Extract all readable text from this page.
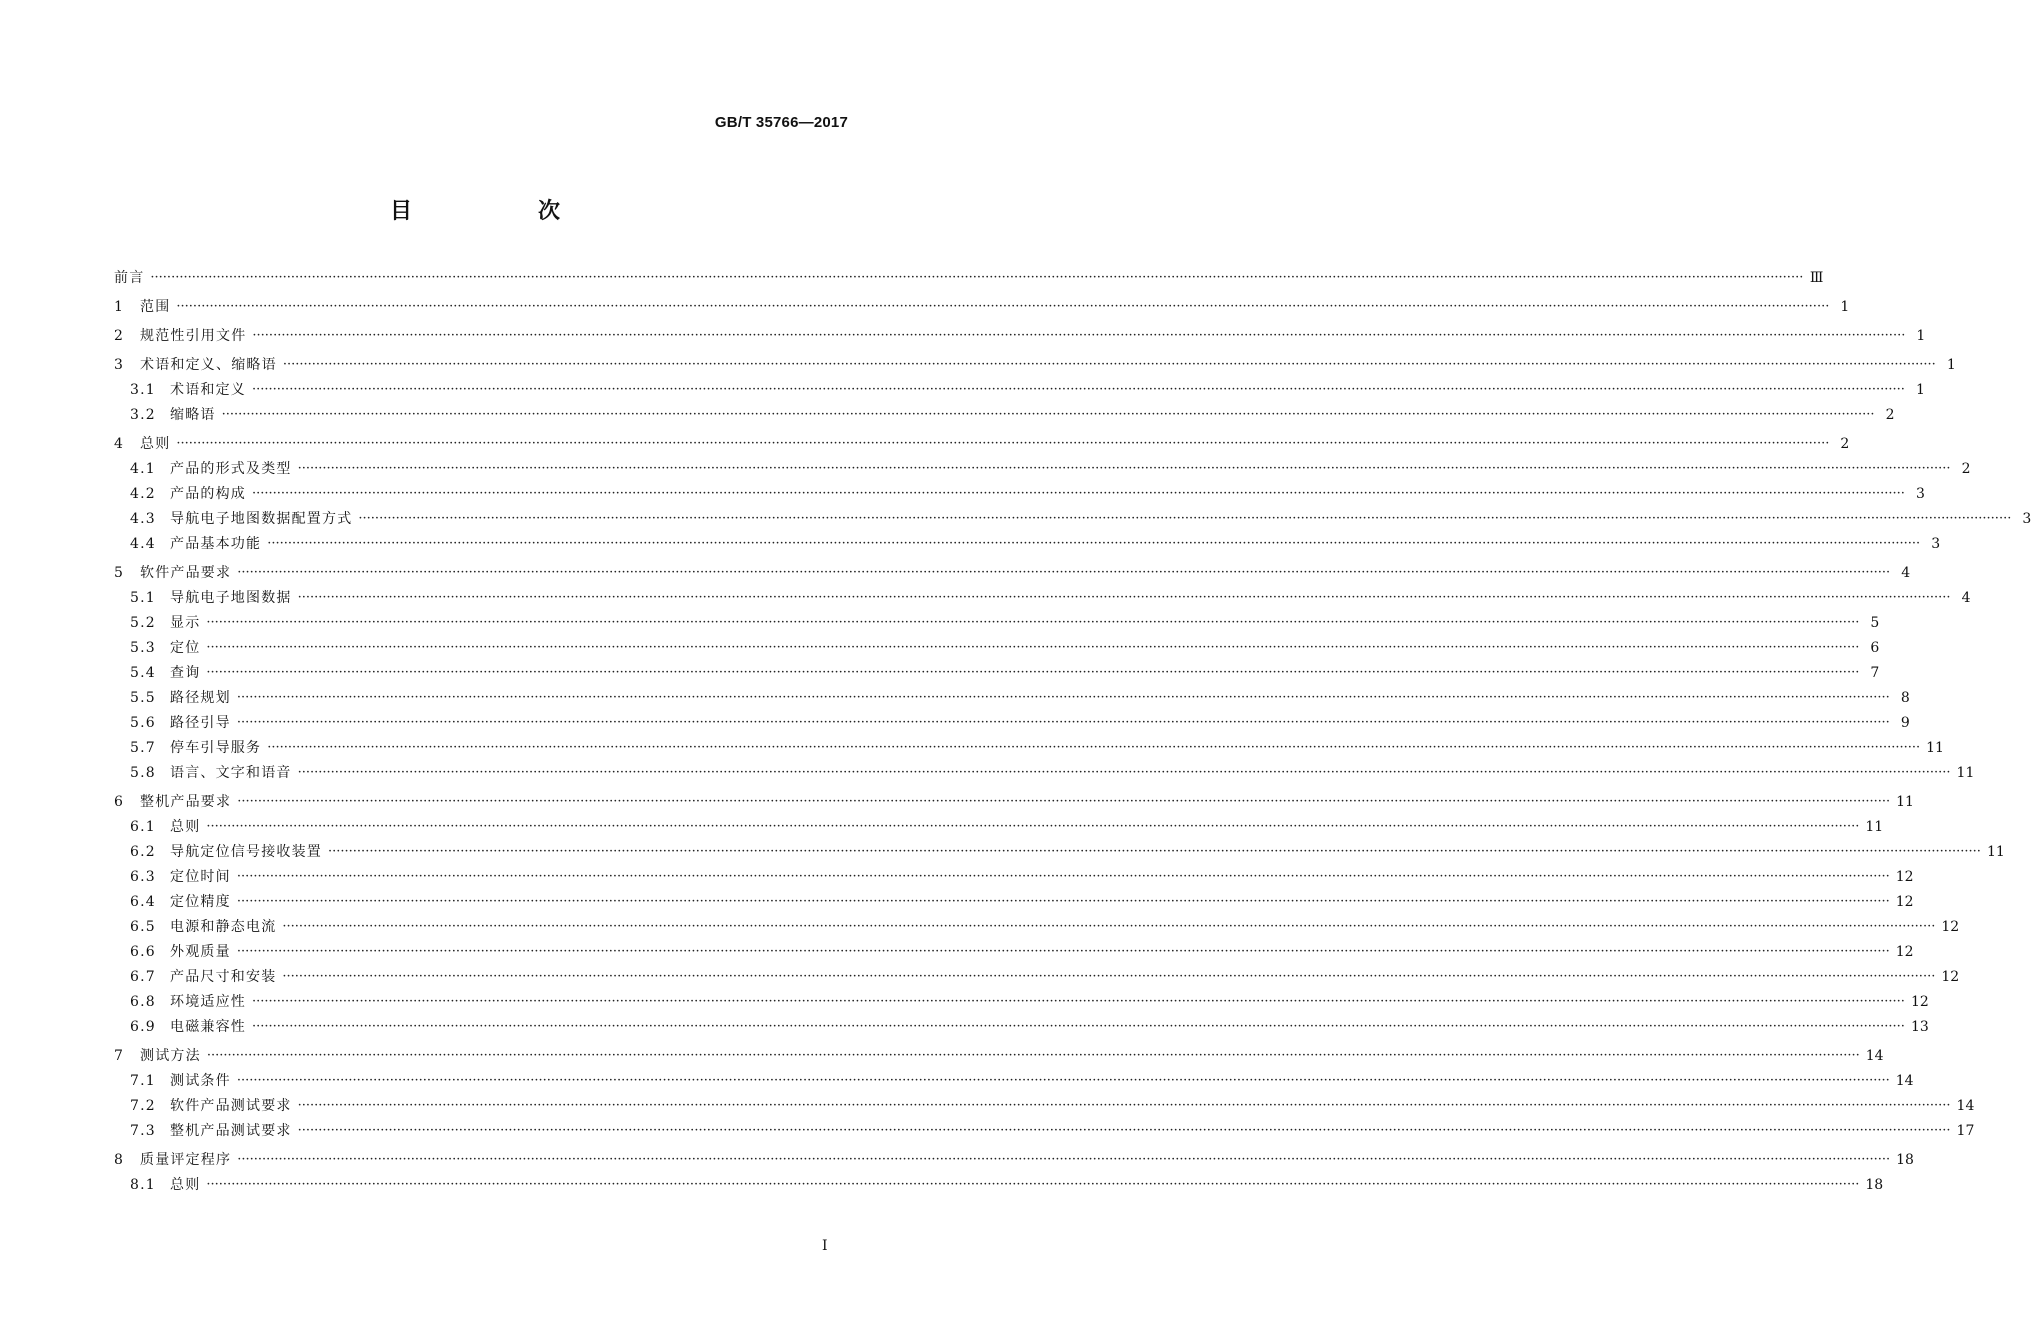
GB/T 35766—2017
目　次
前言 ················································································································································································································································································································································································································ Ⅲ
1	范围 ················································································································································································································································································································································································································ 1
2	规范性引用文件 ················································································································································································································································································································································································································ 1
3	术语和定义、缩略语 ················································································································································································································································································································································································································ 1
3.1	术语和定义 ················································································································································································································································································································································································································ 1
3.2	缩略语 ················································································································································································································································································································································································································ 2
4	总则 ················································································································································································································································································································································································································ 2
4.1	产品的形式及类型 ················································································································································································································································································································································································································ 2
4.2	产品的构成 ················································································································································································································································································································································································································ 3
4.3	导航电子地图数据配置方式 ················································································································································································································································································································································································································ 3
4.4	产品基本功能 ················································································································································································································································································································································································································ 3
5	软件产品要求 ················································································································································································································································································································································································································ 4
5.1	导航电子地图数据 ················································································································································································································································································································································································································ 4
5.2	显示 ················································································································································································································································································································································································································ 5
5.3	定位 ················································································································································································································································································································································································································ 6
5.4	查询 ················································································································································································································································································································································································································ 7
5.5	路径规划 ················································································································································································································································································································································································································ 8
5.6	路径引导 ················································································································································································································································································································································································································ 9
5.7	停车引导服务 ················································································································································································································································································································································································································ 11
5.8	语言、文字和语音 ················································································································································································································································································································································································································ 11
6	整机产品要求 ················································································································································································································································································································································································································ 11
6.1	总则 ················································································································································································································································································································································································································ 11
6.2	导航定位信号接收装置 ················································································································································································································································································································································································································ 11
6.3	定位时间 ················································································································································································································································································································································································································ 12
6.4	定位精度 ················································································································································································································································································································································································································ 12
6.5	电源和静态电流 ················································································································································································································································································································································································································ 12
6.6	外观质量 ················································································································································································································································································································································································································ 12
6.7	产品尺寸和安装 ················································································································································································································································································································································································································ 12
6.8	环境适应性 ················································································································································································································································································································································································································ 12
6.9	电磁兼容性 ················································································································································································································································································································································································································ 13
7	测试方法 ················································································································································································································································································································································································································ 14
7.1	测试条件 ················································································································································································································································································································································································································ 14
7.2	软件产品测试要求 ················································································································································································································································································································································································································ 14
7.3	整机产品测试要求 ················································································································································································································································································································································································································ 17
8	质量评定程序 ················································································································································································································································································································································································································ 18
8.1	总则 ················································································································································································································································································································································································································ 18
I
